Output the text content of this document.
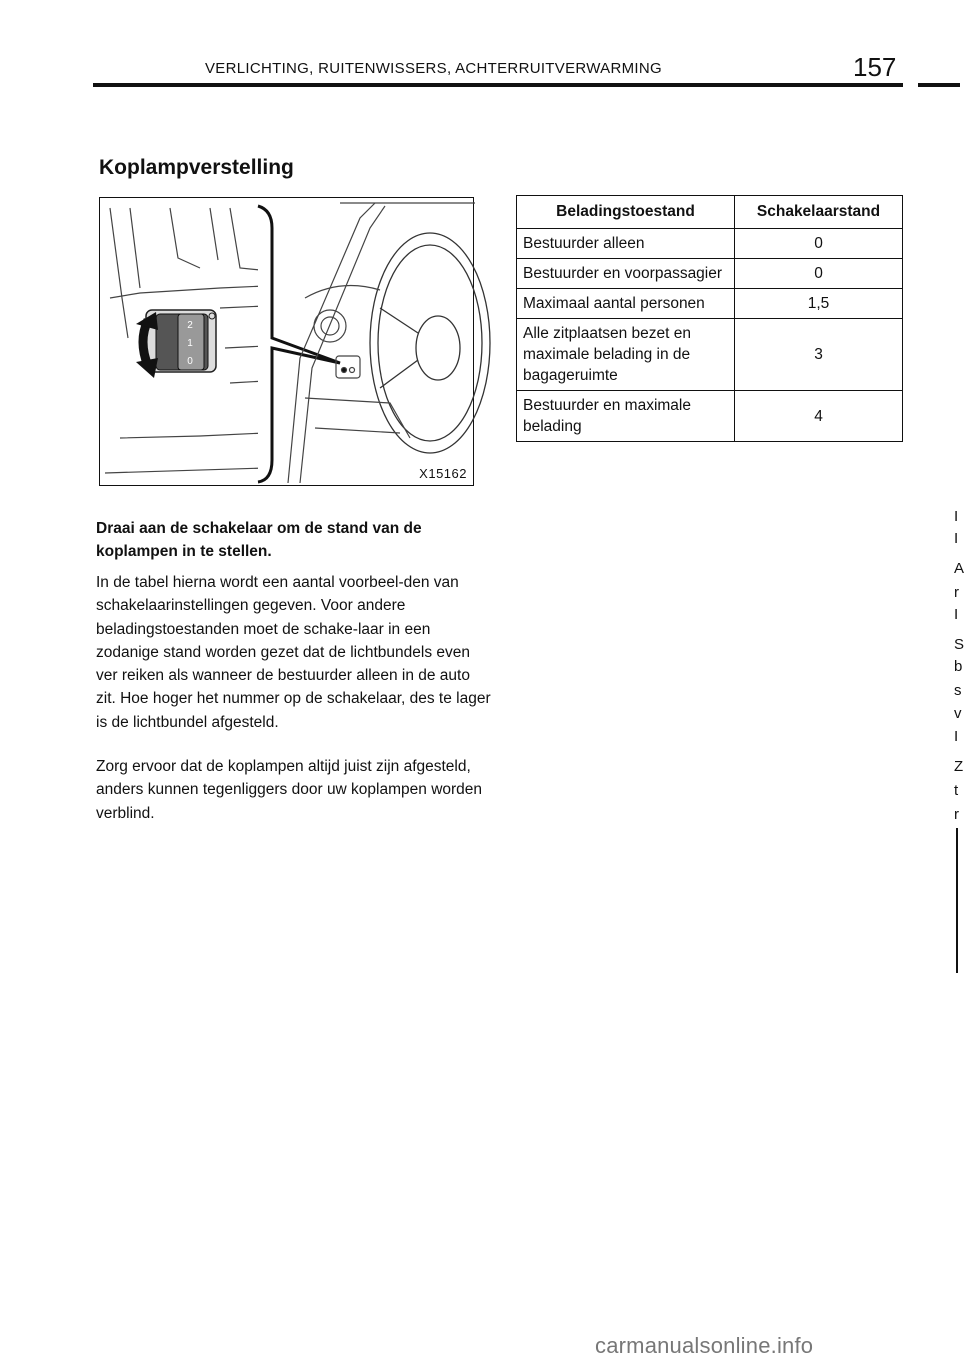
VERLICHTING, RUITENWISSERS, ACHTERRUITVERWARMING	157
Koplampverstelling
2
1
0
X15162

Draai aan de schakelaar om de stand van de koplampen in te stellen.

In de tabel hierna wordt een aantal voorbeel-den van schakelaarinstellingen gegeven. Voor andere beladingstoestanden moet de schake-laar in een zodanige stand worden gezet dat de lichtbundels even ver reiken als wanneer de bestuurder alleen in de auto zit. Hoe hoger het nummer op de schakelaar, des te lager is de lichtbundel afgesteld.

Zorg ervoor dat de koplampen altijd juist zijn afgesteld, anders kunnen tegenliggers door uw koplampen worden verblind.

Beladingstoestand	Schakelaarstand
Bestuurder alleen	0
Bestuurder en voorpassagier	0
Maximaal aantal personen	1,5
Alle zitplaatsen bezet en maximale belading in de bagageruimte	3
Bestuurder en maximale belading	4
I
I
A
r
I
S
b
s
v
I
Z
t
r
carmanualsonline.info
